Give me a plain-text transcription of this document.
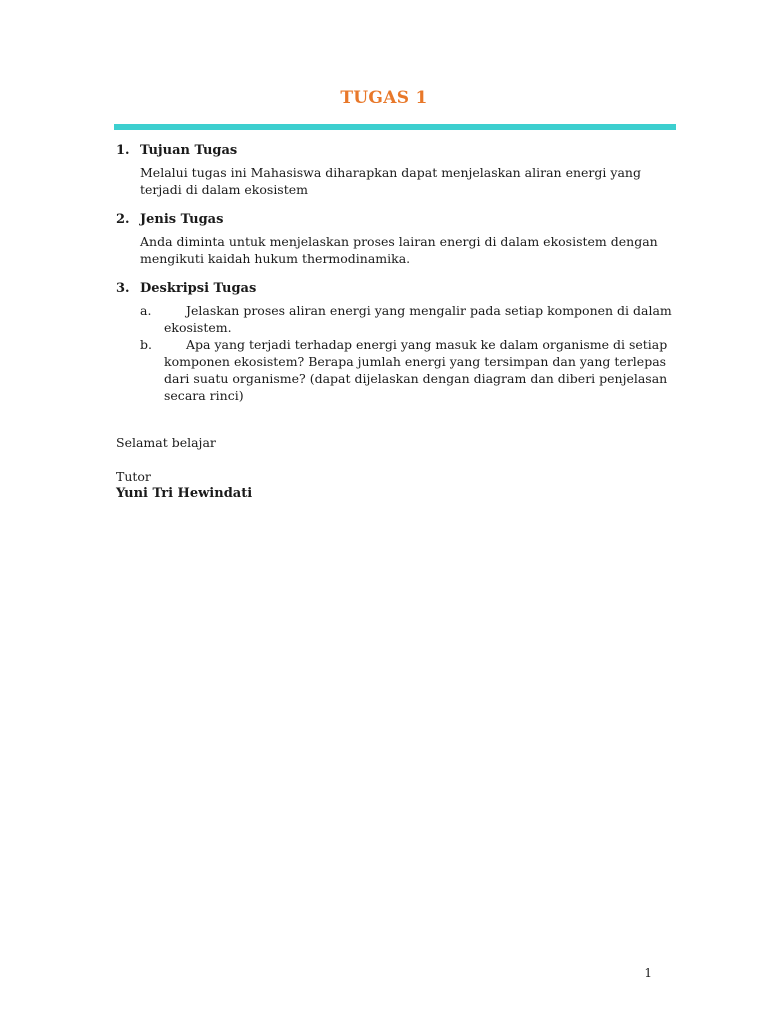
TUGAS 1
1. Tujuan Tugas
Melalui tugas ini Mahasiswa diharapkan dapat menjelaskan aliran energi yang terjadi di dalam ekosistem
2. Jenis Tugas
Anda diminta untuk menjelaskan proses lairan energi di dalam ekosistem dengan mengikuti kaidah hukum thermodinamika.
3. Deskripsi Tugas
a.	Jelaskan proses aliran energi yang mengalir pada setiap komponen di dalam ekosistem.
b.	Apa yang terjadi terhadap energi yang masuk ke dalam organisme di setiap komponen ekosistem? Berapa jumlah energi yang tersimpan dan yang terlepas dari suatu organisme? (dapat dijelaskan dengan diagram dan diberi penjelasan secara rinci)
Selamat belajar
Tutor
Yuni Tri Hewindati
1
